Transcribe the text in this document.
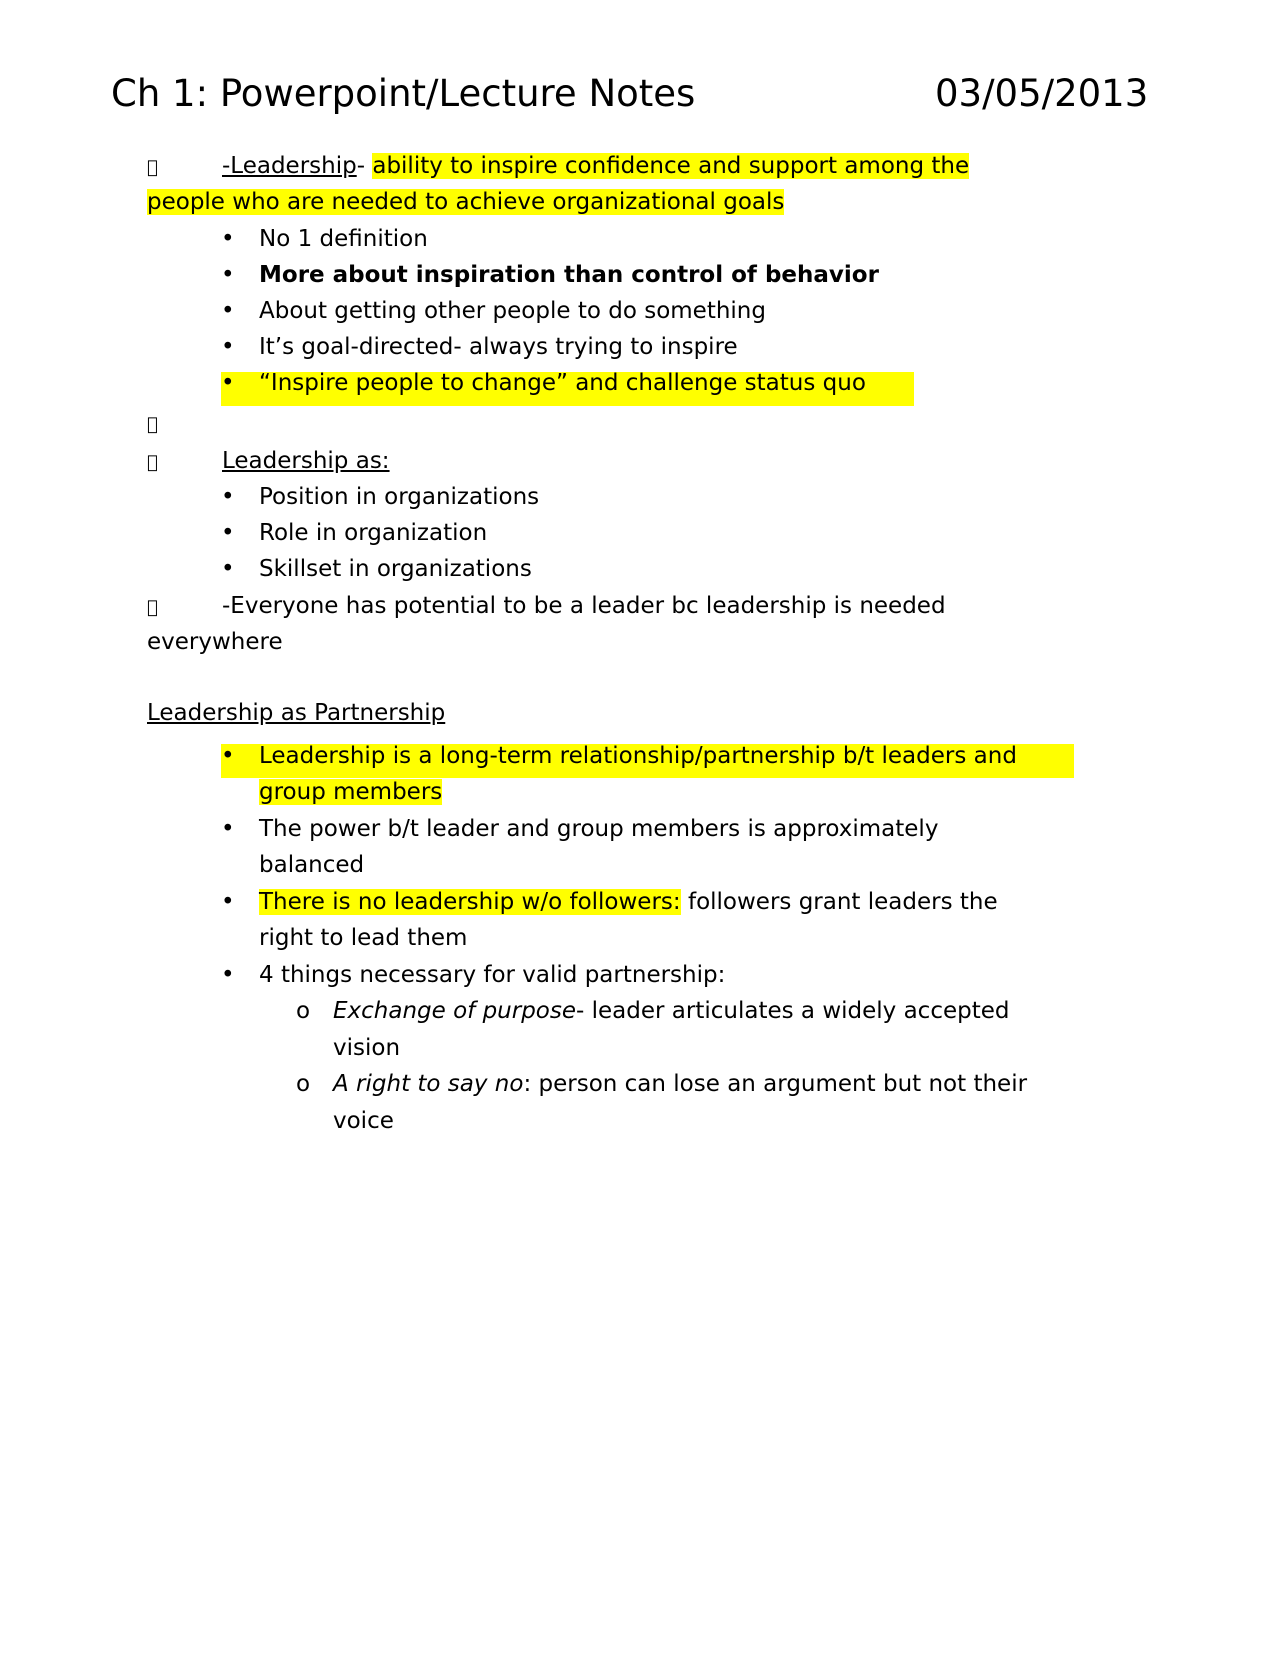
Ch 1: Powerpoint/Lecture Notes	03/05/2013
-Leadership- ability to inspire confidence and support among the
people who are needed to achieve organizational goals
• No 1 definition
• More about inspiration than control of behavior
• About getting other people to do something
• It’s goal-directed- always trying to inspire
• “Inspire people to change” and challenge status quo
Leadership as:
• Position in organizations
• Role in organization
• Skillset in organizations
-Everyone has potential to be a leader bc leadership is needed
everywhere
Leadership as Partnership
• Leadership is a long-term relationship/partnership b/t leaders and
group members
• The power b/t leader and group members is approximately
balanced
• There is no leadership w/o followers: followers grant leaders the
right to lead them
• 4 things necessary for valid partnership:
o Exchange of purpose- leader articulates a widely accepted
vision
o A right to say no: person can lose an argument but not their
voice
